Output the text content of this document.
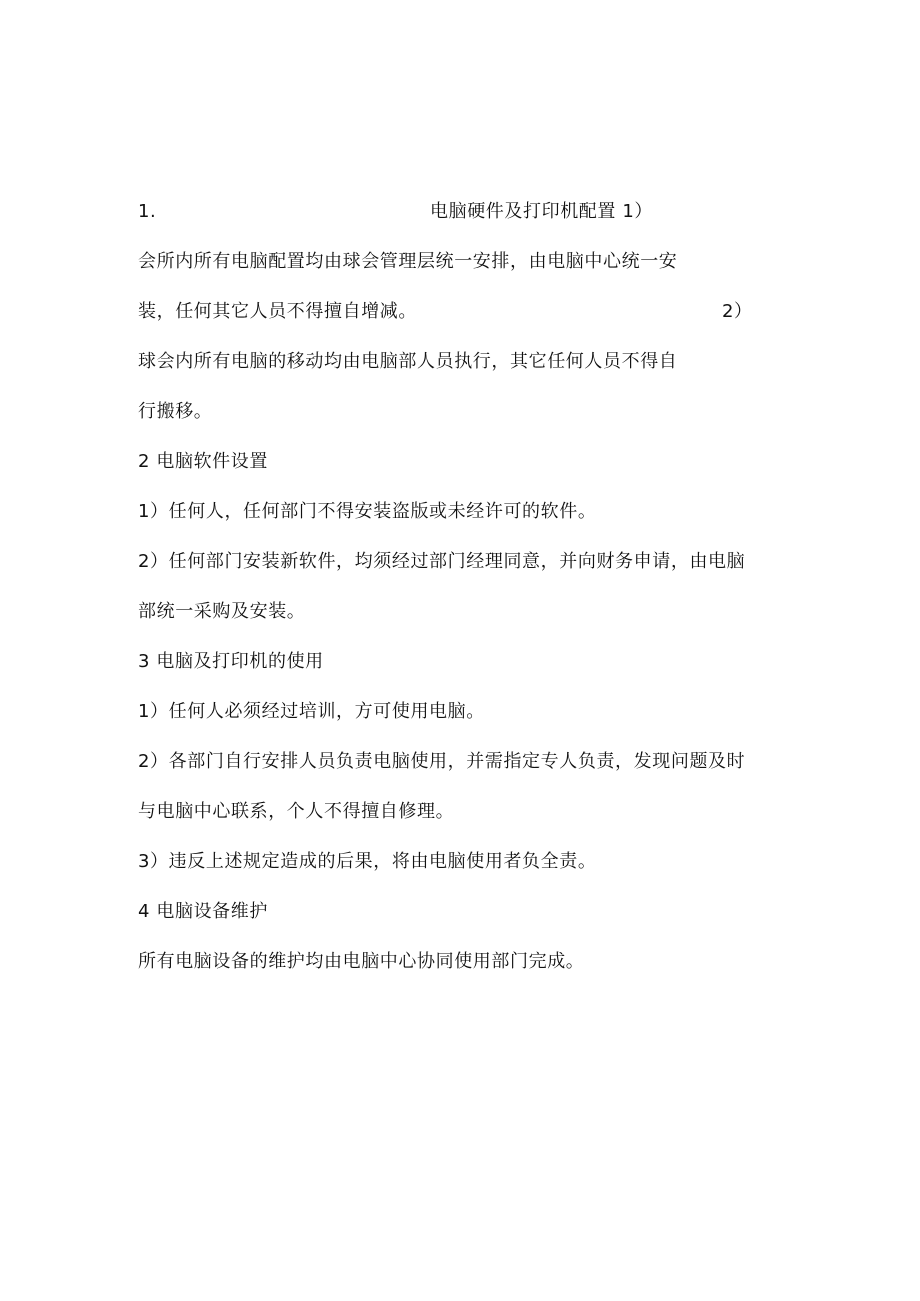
1.	电脑硬件及打印机配置 1）
会所内所有电脑配置均由球会管理层统一安排，由电脑中心统一安
装，任何其它人员不得擅自增减。	2）
球会内所有电脑的移动均由电脑部人员执行，其它任何人员不得自
行搬移。
2 电脑软件设置
1）任何人，任何部门不得安装盗版或未经许可的软件。
2）任何部门安装新软件，均须经过部门经理同意，并向财务申请，由电脑
部统一采购及安装。
3 电脑及打印机的使用
1）任何人必须经过培训，方可使用电脑。
2）各部门自行安排人员负责电脑使用，并需指定专人负责，发现问题及时
与电脑中心联系，个人不得擅自修理。
3）违反上述规定造成的后果，将由电脑使用者负全责。
4 电脑设备维护
所有电脑设备的维护均由电脑中心协同使用部门完成。
